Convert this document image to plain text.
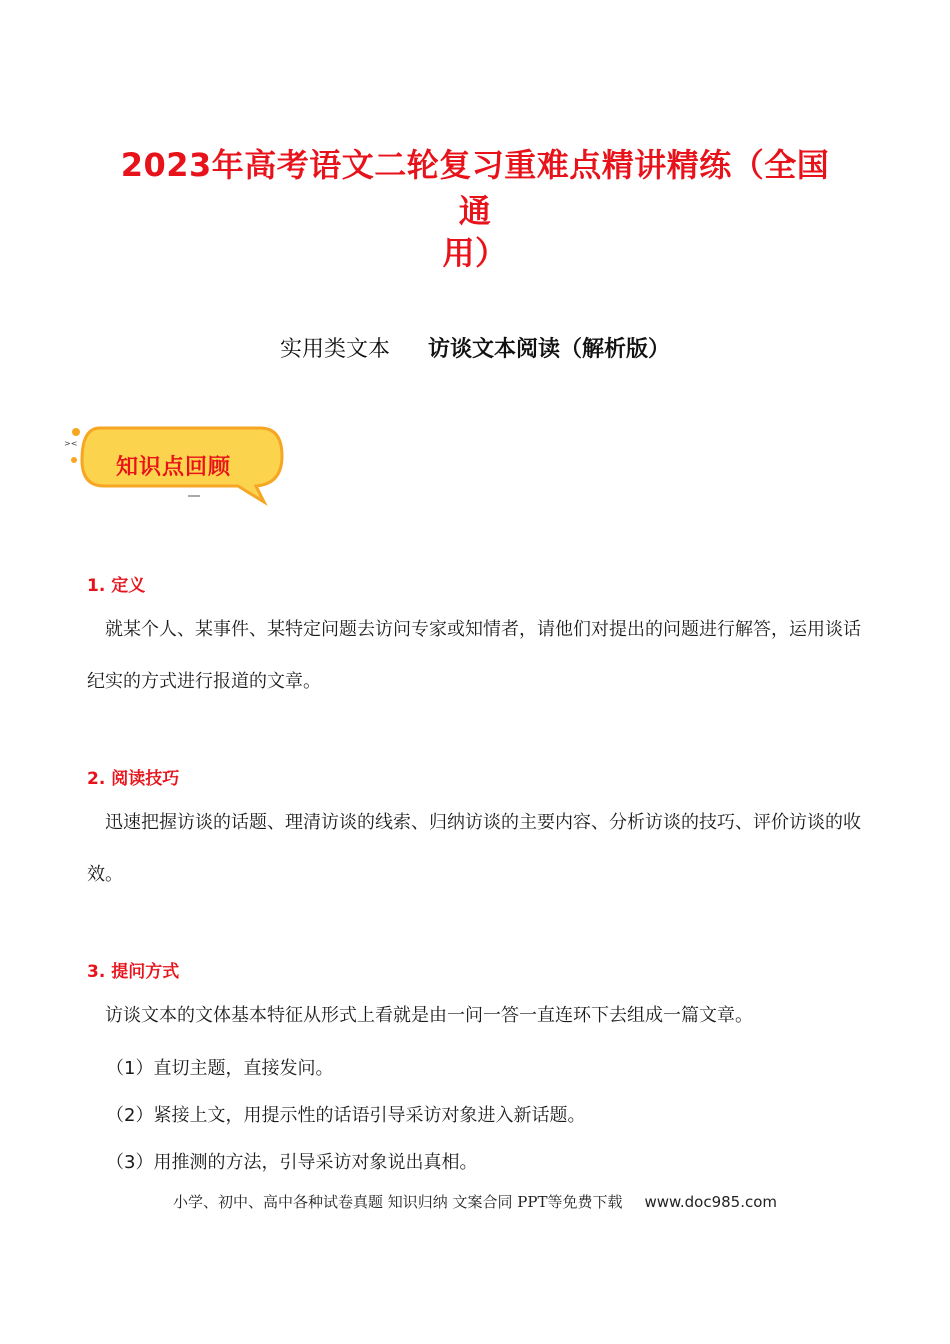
2023年高考语文二轮复习重难点精讲精练（全国通
用）
实用类文本 访谈文本阅读（解析版）
><
知识点回顾
1. 定义
就某个人、某事件、某特定问题去访问专家或知情者，请他们对提出的问题进行解答，运用谈话纪实的方式进行报道的文章。
2. 阅读技巧
迅速把握访谈的话题、理清访谈的线索、归纳访谈的主要内容、分析访谈的技巧、评价访谈的收效。
3. 提问方式
访谈文本的文体基本特征从形式上看就是由一问一答一直连环下去组成一篇文章。
（1）直切主题，直接发问。
（2）紧接上文，用提示性的话语引导采访对象进入新话题。
（3）用推测的方法，引导采访对象说出真相。
小学、初中、高中各种试卷真题 知识归纳 文案合同 PPT等免费下载 www.doc985.com
